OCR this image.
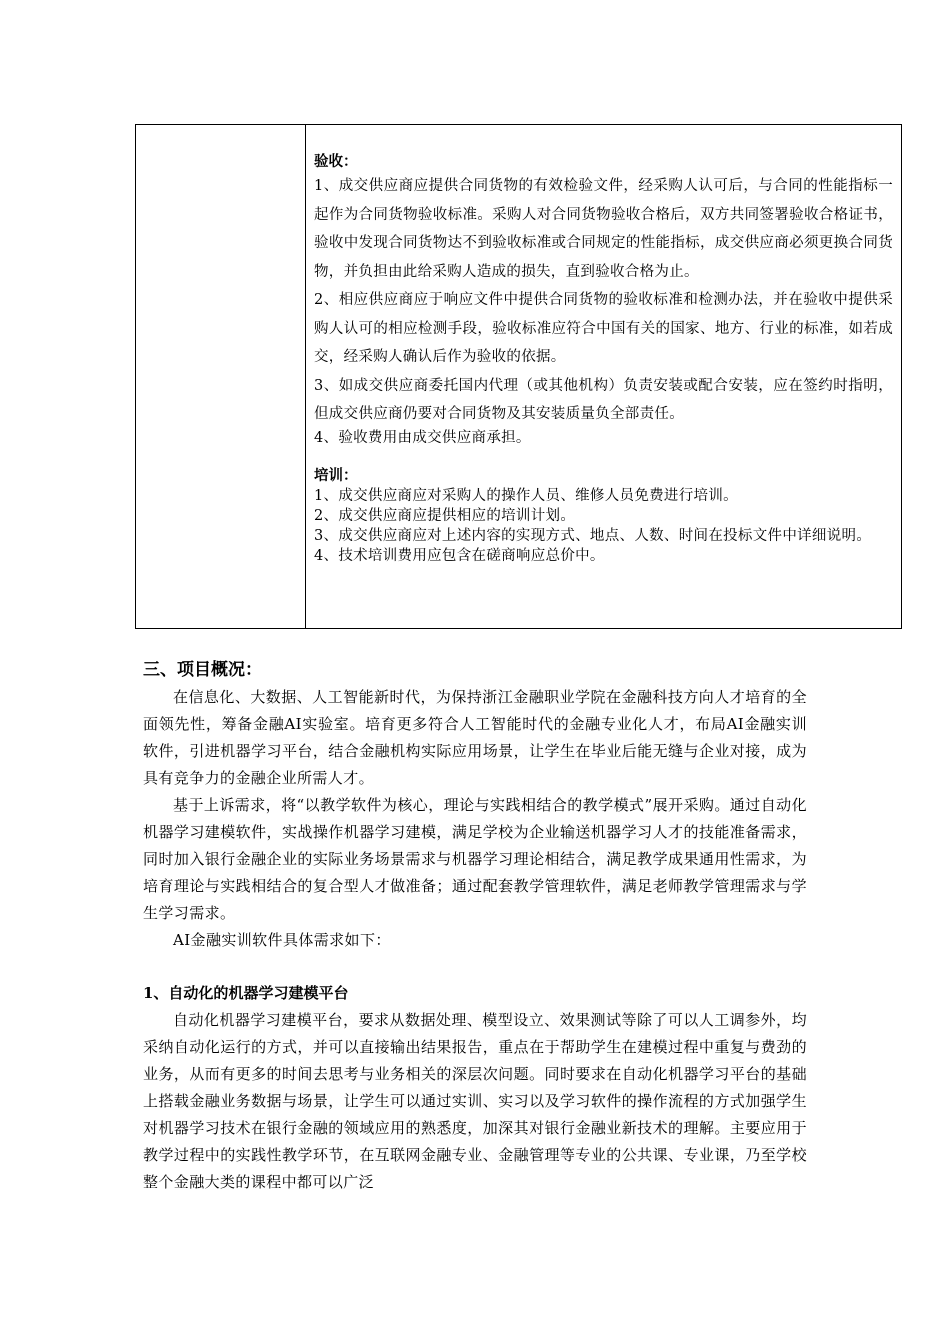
验收：

1、成交供应商应提供合同货物的有效检验文件，经采购人认可后，与合同的性能指标一起作为合同货物验收标准。采购人对合同货物验收合格后，双方共同签署验收合格证书，验收中发现合同货物达不到验收标准或合同规定的性能指标，成交供应商必须更换合同货物，并负担由此给采购人造成的损失，直到验收合格为止。

2、相应供应商应于响应文件中提供合同货物的验收标准和检测办法，并在验收中提供采购人认可的相应检测手段，验收标准应符合中国有关的国家、地方、行业的标准，如若成交，经采购人确认后作为验收的依据。

3、如成交供应商委托国内代理（或其他机构）负责安装或配合安装，应在签约时指明，但成交供应商仍要对合同货物及其安装质量负全部责任。

4、验收费用由成交供应商承担。

培训：

1、成交供应商应对采购人的操作人员、维修人员免费进行培训。

2、成交供应商应提供相应的培训计划。

3、成交供应商应对上述内容的实现方式、地点、人数、时间在投标文件中详细说明。

4、技术培训费用应包含在磋商响应总价中。

三、项目概况：

在信息化、大数据、人工智能新时代，为保持浙江金融职业学院在金融科技方向人才培育的全面领先性，筹备金融AI实验室。培育更多符合人工智能时代的金融专业化人才，布局AI金融实训软件，引进机器学习平台，结合金融机构实际应用场景，让学生在毕业后能无缝与企业对接，成为具有竞争力的金融企业所需人才。

基于上诉需求，将“以教学软件为核心，理论与实践相结合的教学模式”展开采购。通过自动化机器学习建模软件，实战操作机器学习建模，满足学校为企业输送机器学习人才的技能准备需求，同时加入银行金融企业的实际业务场景需求与机器学习理论相结合，满足教学成果通用性需求，为培育理论与实践相结合的复合型人才做准备；通过配套教学管理软件，满足老师教学管理需求与学生学习需求。

AI金融实训软件具体需求如下：

1、自动化的机器学习建模平台

自动化机器学习建模平台，要求从数据处理、模型设立、效果测试等除了可以人工调参外，均采纳自动化运行的方式，并可以直接输出结果报告，重点在于帮助学生在建模过程中重复与费劲的业务，从而有更多的时间去思考与业务相关的深层次问题。同时要求在自动化机器学习平台的基础上搭载金融业务数据与场景，让学生可以通过实训、实习以及学习软件的操作流程的方式加强学生对机器学习技术在银行金融的领域应用的熟悉度，加深其对银行金融业新技术的理解。主要应用于教学过程中的实践性教学环节，在互联网金融专业、金融管理等专业的公共课、专业课，乃至学校整个金融大类的课程中都可以广泛
